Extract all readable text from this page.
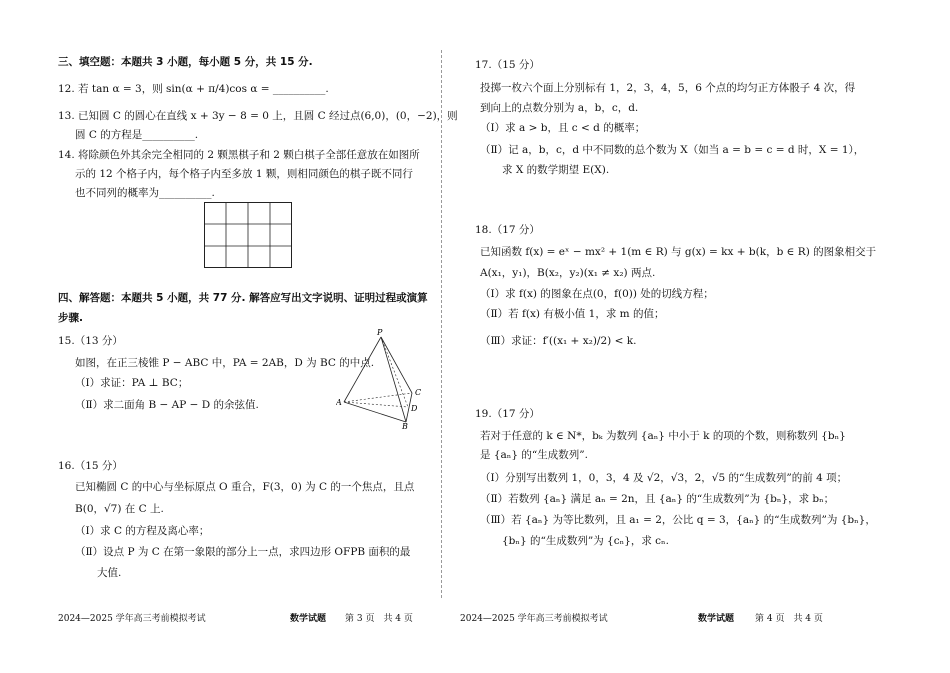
三、填空题：本题共 3 小题，每小题 5 分，共 15 分.
12. 若 tan α = 3，则 sin(α + π/4)cos α = __________.
13. 已知圆 C 的圆心在直线 x + 3y − 8 = 0 上，且圆 C 经过点(6,0)，(0，−2)，则
圆 C 的方程是__________.
14. 将除颜色外其余完全相同的 2 颗黑棋子和 2 颗白棋子全部任意放在如图所
示的 12 个格子内，每个格子内至多放 1 颗，则相同颜色的棋子既不同行
也不同列的概率为__________.
四、解答题：本题共 5 小题，共 77 分. 解答应写出文字说明、证明过程或演算
步骤.
15.（13 分）
如图，在正三棱锥 P − ABC 中，PA = 2AB，D 为 BC 的中点.
（Ⅰ）求证：PA ⊥ BC；
（Ⅱ）求二面角 B − AP − D 的余弦值.
P
A
B
C
D
16.（15 分）
已知椭圆 C 的中心与坐标原点 O 重合，F(3，0) 为 C 的一个焦点，且点
B(0，√7) 在 C 上.
（Ⅰ）求 C 的方程及离心率；
（Ⅱ）设点 P 为 C 在第一象限的部分上一点，求四边形 OFPB 面积的最
大值.
2024—2025 学年高三考前模拟考试	数学试题 第 3 页　共 4 页
17.（15 分）
投掷一枚六个面上分别标有 1，2，3，4，5，6 个点的均匀正方体骰子 4 次，得
到向上的点数分别为 a，b，c，d.
（Ⅰ）求 a > b，且 c < d 的概率；
（Ⅱ）记 a，b，c，d 中不同数的总个数为 X（如当 a = b = c = d 时，X = 1），
求 X 的数学期望 E(X).
18.（17 分）
已知函数 f(x) = eˣ − mx² + 1(m ∈ R) 与 g(x) = kx + b(k，b ∈ R) 的图象相交于
A(x₁，y₁)，B(x₂，y₂)(x₁ ≠ x₂) 两点.
（Ⅰ）求 f(x) 的图象在点(0，f(0)) 处的切线方程；
（Ⅱ）若 f(x) 有极小值 1，求 m 的值；
（Ⅲ）求证：f′((x₁ + x₂)/2) < k.
19.（17 分）
若对于任意的 k ∈ N*，bₖ 为数列 {aₙ} 中小于 k 的项的个数，则称数列 {bₙ}
是 {aₙ} 的“生成数列”.
（Ⅰ）分别写出数列 1，0，3，4 及 √2，√3，2，√5 的“生成数列”的前 4 项；
（Ⅱ）若数列 {aₙ} 满足 aₙ = 2n，且 {aₙ} 的“生成数列”为 {bₙ}，求 bₙ；
（Ⅲ）若 {aₙ} 为等比数列，且 a₁ = 2，公比 q = 3，{aₙ} 的“生成数列”为 {bₙ}，
{bₙ} 的“生成数列”为 {cₙ}，求 cₙ.
2024—2025 学年高三考前模拟考试	数学试题 第 4 页　共 4 页
